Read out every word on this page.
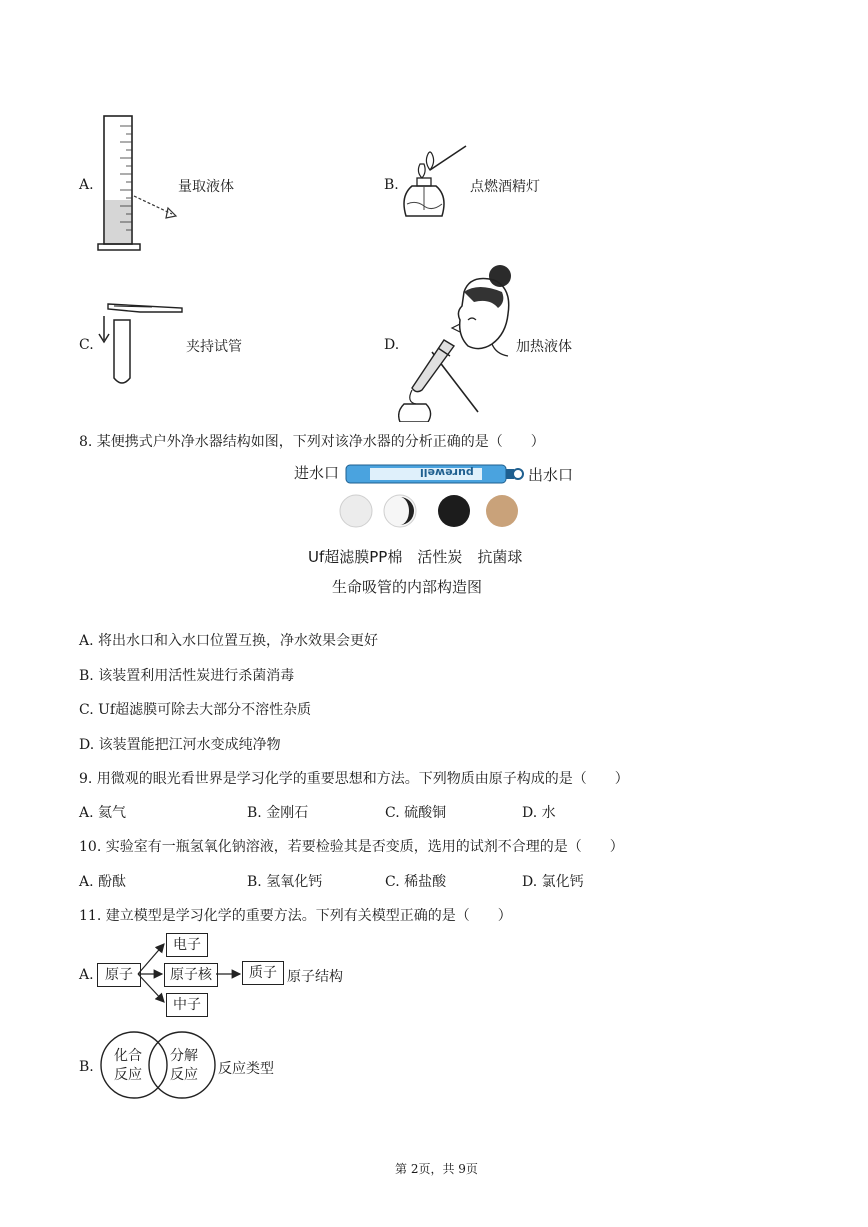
A.	量取液体	B.	点燃酒精灯
C.	夹持试管	D.	加热液体
8. 某便携式户外净水器结构如图，下列对该净水器的分析正确的是（　　）
进水口	purewell	出水口
Uf超滤膜PP棉　活性炭　抗菌球
生命吸管的内部构造图
A. 将出水口和入水口位置互换，净水效果会更好
B. 该装置利用活性炭进行杀菌消毒
C. Uf超滤膜可除去大部分不溶性杂质
D. 该装置能把江河水变成纯净物
9. 用微观的眼光看世界是学习化学的重要思想和方法。下列物质由原子构成的是（　　）
A. 氦气	B. 金刚石	C. 硫酸铜	D. 水
10. 实验室有一瓶氢氧化钠溶液，若要检验其是否变质，选用的试剂不合理的是（　　）
A. 酚酞	B. 氢氧化钙	C. 稀盐酸	D. 氯化钙
11. 建立模型是学习化学的重要方法。下列有关模型正确的是（　　）
A. 原子
电子
原子核	质子
中子
原子结构
B.
化合
反应
分解
反应 反应类型
第 2页，共 9页
